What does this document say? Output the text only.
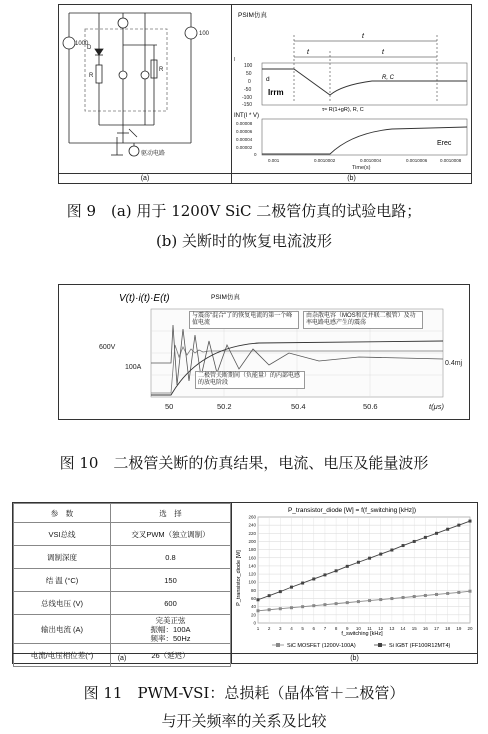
1000
100
D
R
R
驱动电路
(a)
PSIM仿真
t
t	t
I
100
50
0
-50
-100
-150
d
Irrm
R, C
τ≈ R(1+gR), R, C
INT(I * V)
0.00008
0.00006
0.00004
0.00002
0
Erec
0.001	0.0010002	0.0010004	0.0010006	0.0010008
Time(s)
(b)
图 9　(a) 用于 1200V SiC 二极管仿真的试验电路；
(b) 关断时的恢复电流波形
V(t)·i(t)·E(t)	PSIM仿真
600V
100A
0.4mj
与震荡"混合"了的恢复电流的第一个峰值电流
由杂散电容（MOS和反并联二极管）及功率电路电感产生的震荡
二极管关断期间（负能量）的内部电感的放电阶段
50	50.2	50.4	50.6	t(μs)
图 10　二极管关断的仿真结果，电流、电压及能量波形
参　数	选　择
VSI总线	交叉PWM（独立调制）
调制深度	0.8
结 温 (°C)	150
总线电压 (V)	600
输出电流 (A)	完美正弦
振幅：100A
频率：50Hz
电流/电压相位差(°)	26（延迟）
(a)
P_transistor_diode [W] = f(f_switching [kHz])
0
20
40
60
80
100
120
140
160
180
200
220
240
260
1 2 3 4 5 6 7 8 9 10 11 12 13 14 15 16 17 18 19 20
f_switching [kHz]
P_transistor_diode [W]
SiC MOSFET (1200V-100A)	Si IGBT (FF100R12MT4)
(b)
图 11　PWM-VSI：总损耗（晶体管＋二极管）
与开关频率的关系及比较
